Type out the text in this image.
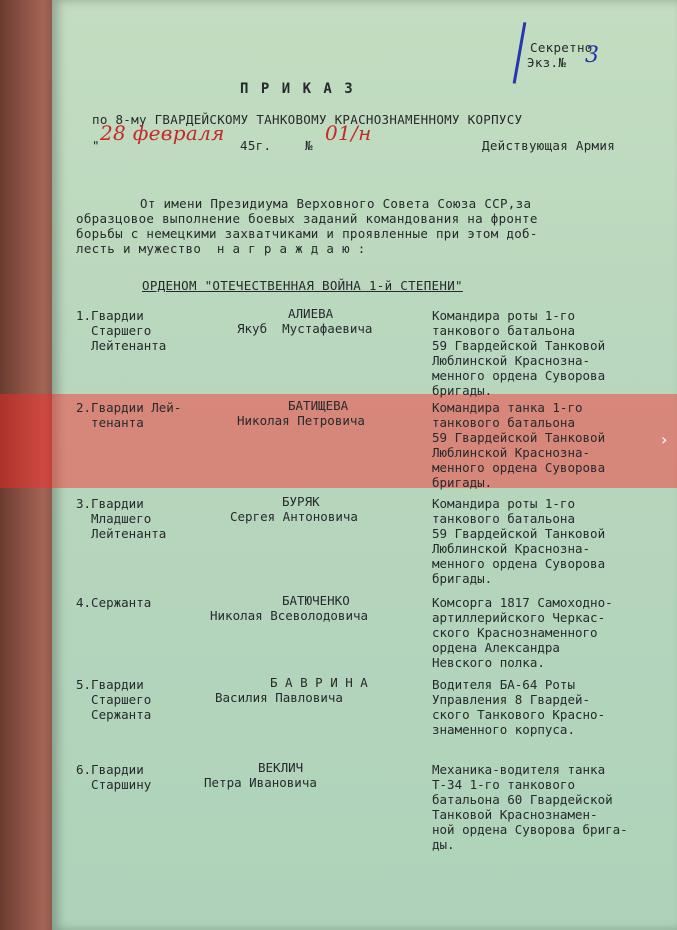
Секретно
Экз.№ 3
П Р И К А З
по 8-му ГВАРДЕЙСКОМУ ТАНКОВОМУ КРАСНОЗНАМЕННОМУ КОРПУСУ
"
28 февраля
45г.	№
01/н
Действующая Армия
От имени Президиума Верховного Совета Союза ССР,за
образцовое выполнение боевых заданий командования на фронте
борьбы с немецкими захватчиками и проявленные при этом доб-
лесть и мужество  н а г р а ж д а ю :
ОРДЕНОМ "ОТЕЧЕСТВЕННАЯ ВОЙНА 1-й СТЕПЕНИ"
›
1.Гвардии
Старшего
Лейтенанта
АЛИЕВА
Якуб  Мустафаевича
Командира роты 1-го
танкового батальона
59 Гвардейской Танковой
Люблинской Краснозна-
менного ордена Суворова
бригады.
2.Гвардии Лей-
тенанта
БАТИЩЕВА
Николая Петровича
Командира танка 1-го
танкового батальона
59 Гвардейской Танковой
Люблинской Краснозна-
менного ордена Суворова
бригады.
3.Гвардии
Младшего
Лейтенанта
БУРЯК
Сергея Антоновича
Командира роты 1-го
танкового батальона
59 Гвардейской Танковой
Люблинской Краснозна-
менного ордена Суворова
бригады.
4.Сержанта	БАТЮЧЕНКО
Николая Всеволодовича
Комсорга 1817 Самоходно-
артиллерийского Черкас-
ского Краснознаменного
ордена Александра
Невского полка.
5.Гвардии
Старшего
Сержанта
Б А В Р И Н А
Василия Павловича
Водителя БА-64 Роты
Управления 8 Гвардей-
ского Танкового Красно-
знаменного корпуса.
6.Гвардии
Старшину
ВЕКЛИЧ
Петра Ивановича
Механика-водителя танка
Т-34 1-го танкового
батальона 60 Гвардейской
Танковой Краснознамен-
ной ордена Суворова брига-
ды.
